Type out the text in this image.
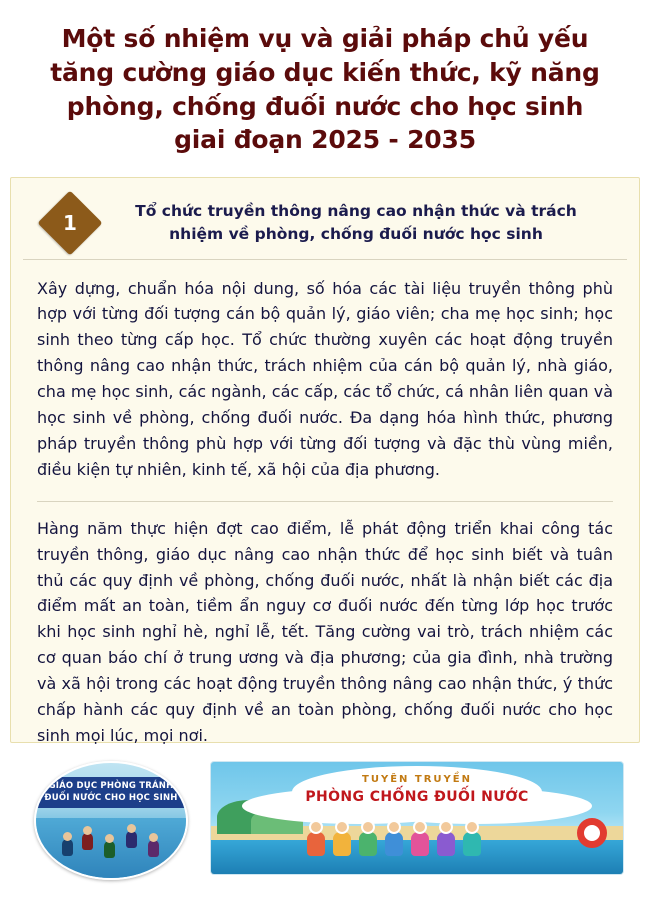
Một số nhiệm vụ và giải pháp chủ yếu
tăng cường giáo dục kiến thức, kỹ năng
phòng, chống đuối nước cho học sinh
giai đoạn 2025 - 2035
1
Tổ chức truyền thông nâng cao nhận thức và trách nhiệm về phòng, chống đuối nước học sinh

Xây dựng, chuẩn hóa nội dung, số hóa các tài liệu truyền thông phù hợp với từng đối tượng cán bộ quản lý, giáo viên; cha mẹ học sinh; học sinh theo từng cấp học. Tổ chức thường xuyên các hoạt động truyền thông nâng cao nhận thức, trách nhiệm của cán bộ quản lý, nhà giáo, cha mẹ học sinh, các ngành, các cấp, các tổ chức, cá nhân liên quan và học sinh về phòng, chống đuối nước. Đa dạng hóa hình thức, phương pháp truyền thông phù hợp với từng đối tượng và đặc thù vùng miền, điều kiện tự nhiên, kinh tế, xã hội của địa phương.

Hàng năm thực hiện đợt cao điểm, lễ phát động triển khai công tác truyền thông, giáo dục nâng cao nhận thức để học sinh biết và tuân thủ các quy định về phòng, chống đuối nước, nhất là nhận biết các địa điểm mất an toàn, tiềm ẩn nguy cơ đuối nước đến từng lớp học trước khi học sinh nghỉ hè, nghỉ lễ, tết. Tăng cường vai trò, trách nhiệm các cơ quan báo chí ở trung ương và địa phương; của gia đình, nhà trường và xã hội trong các hoạt động truyền thông nâng cao nhận thức, ý thức chấp hành các quy định về an toàn phòng, chống đuối nước cho học sinh mọi lúc, mọi nơi.

GIÁO DỤC PHÒNG TRÁNH
ĐUỐI NƯỚC CHO HỌC SINH
TUYÊN TRUYỀN
PHÒNG CHỐNG ĐUỐI NƯỚC
